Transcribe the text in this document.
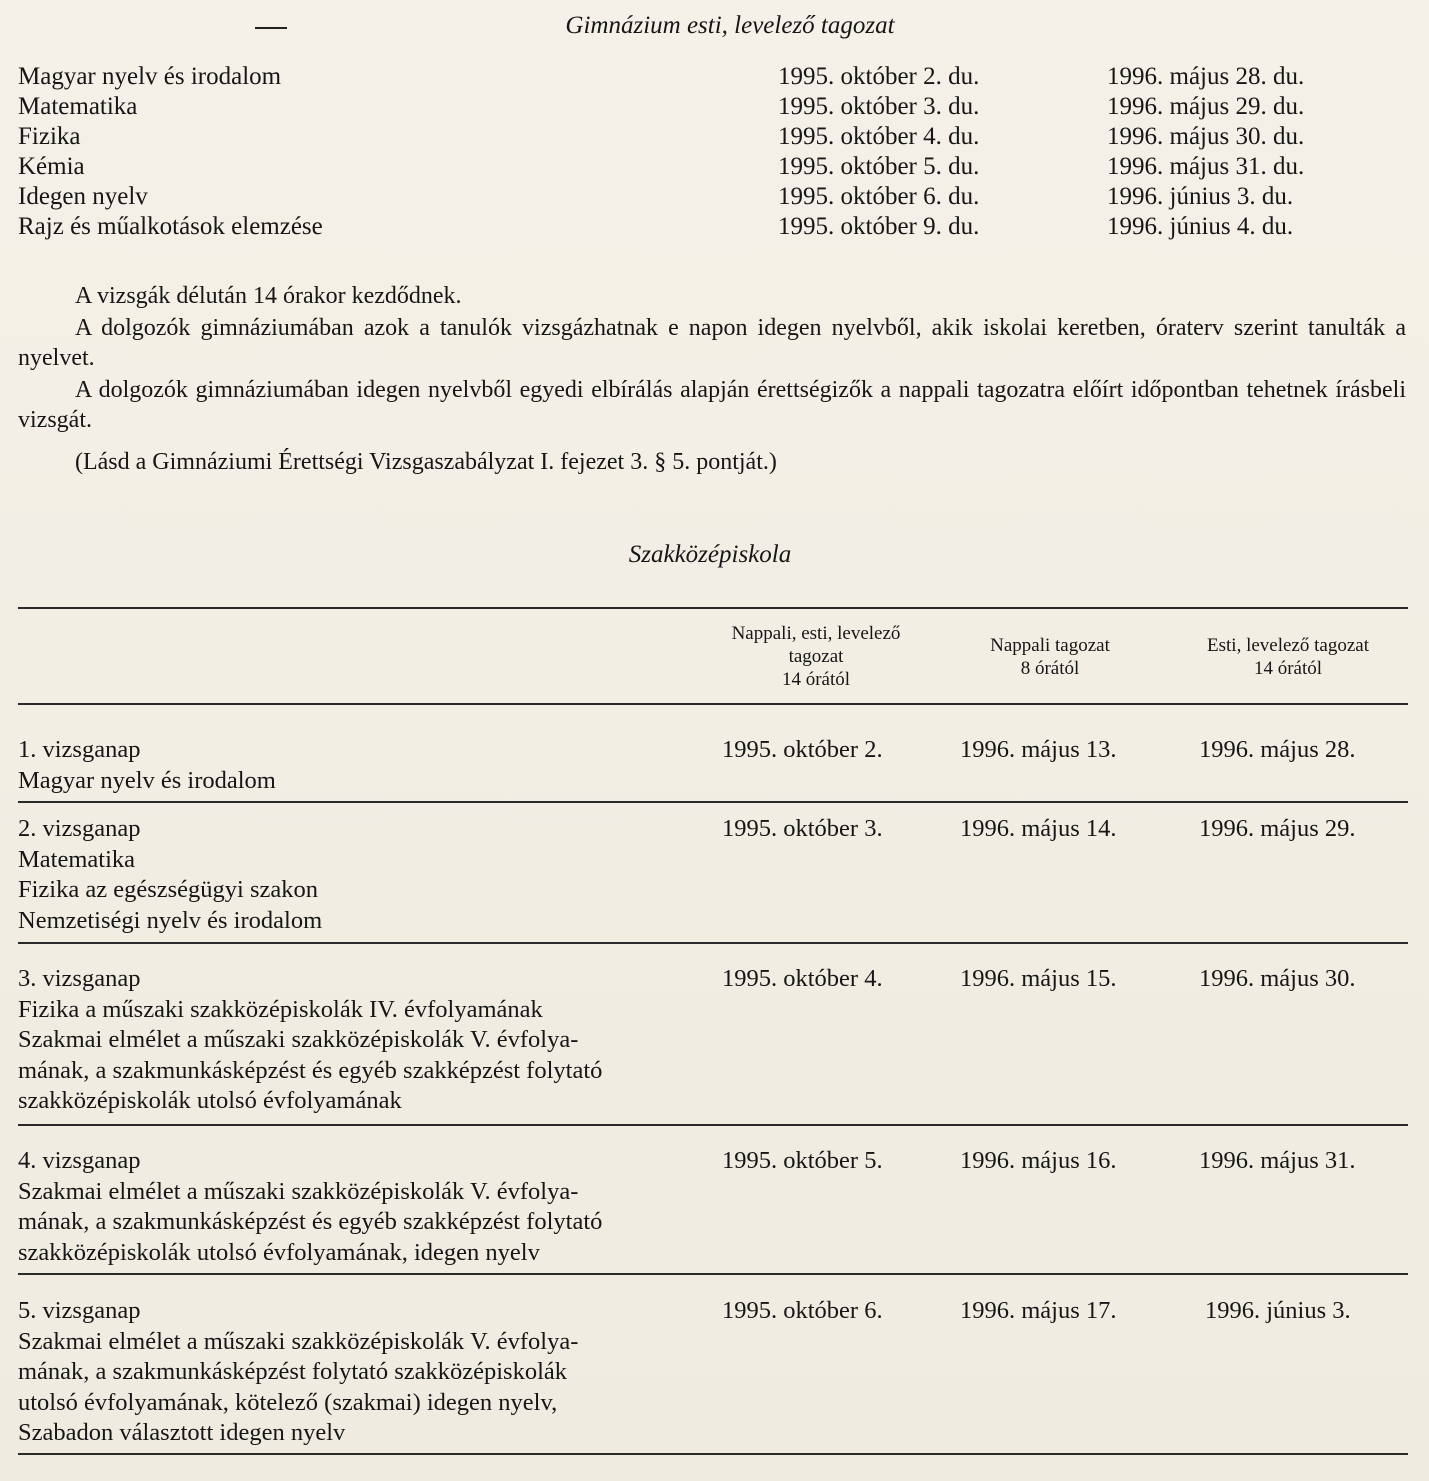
Gimnázium esti, levelező tagozat
Magyar nyelv és irodalom	1995. október 2. du.	1996. május 28. du.
Matematika	1995. október 3. du.	1996. május 29. du.
Fizika	1995. október 4. du.	1996. május 30. du.
Kémia	1995. október 5. du.	1996. május 31. du.
Idegen nyelv	1995. október 6. du.	1996. június 3. du.
Rajz és műalkotások elemzése	1995. október 9. du.	1996. június 4. du.

A vizsgák délután 14 órakor kezdődnek.

A dolgozók gimnáziumában azok a tanulók vizsgázhatnak e napon idegen nyelvből, akik iskolai keretben, óraterv szerint tanulták a nyelvet.

A dolgozók gimnáziumában idegen nyelvből egyedi elbírálás alapján érettségizők a nappali tagozatra előírt időpontban tehetnek írásbeli vizsgát.

(Lásd a Gimnáziumi Érettségi Vizsgaszabályzat I. fejezet 3. § 5. pontját.)

Szakközépiskola
Nappali, esti, levelező
tagozat
14 órától
Nappali tagozat
8 órától
Esti, levelező tagozat
14 órától
1. vizsganap
Magyar nyelv és irodalom
1995. október 2.	1996. május 13.	1996. május 28.
2. vizsganap
Matematika
Fizika az egészségügyi szakon
Nemzetiségi nyelv és irodalom
1995. október 3.	1996. május 14.	1996. május 29.
3. vizsganap
Fizika a műszaki szakközépiskolák IV. évfolyamának
Szakmai elmélet a műszaki szakközépiskolák V. évfolya-
mának, a szakmunkásképzést és egyéb szakképzést folytató
szakközépiskolák utolsó évfolyamának
1995. október 4.	1996. május 15.	1996. május 30.
4. vizsganap
Szakmai elmélet a műszaki szakközépiskolák V. évfolya-
mának, a szakmunkásképzést és egyéb szakképzést folytató
szakközépiskolák utolsó évfolyamának, idegen nyelv
1995. október 5.	1996. május 16.	1996. május 31.
5. vizsganap
Szakmai elmélet a műszaki szakközépiskolák V. évfolya-
mának, a szakmunkásképzést folytató szakközépiskolák
utolsó évfolyamának, kötelező (szakmai) idegen nyelv,
Szabadon választott idegen nyelv
1995. október 6.	1996. május 17.	1996. június 3.
